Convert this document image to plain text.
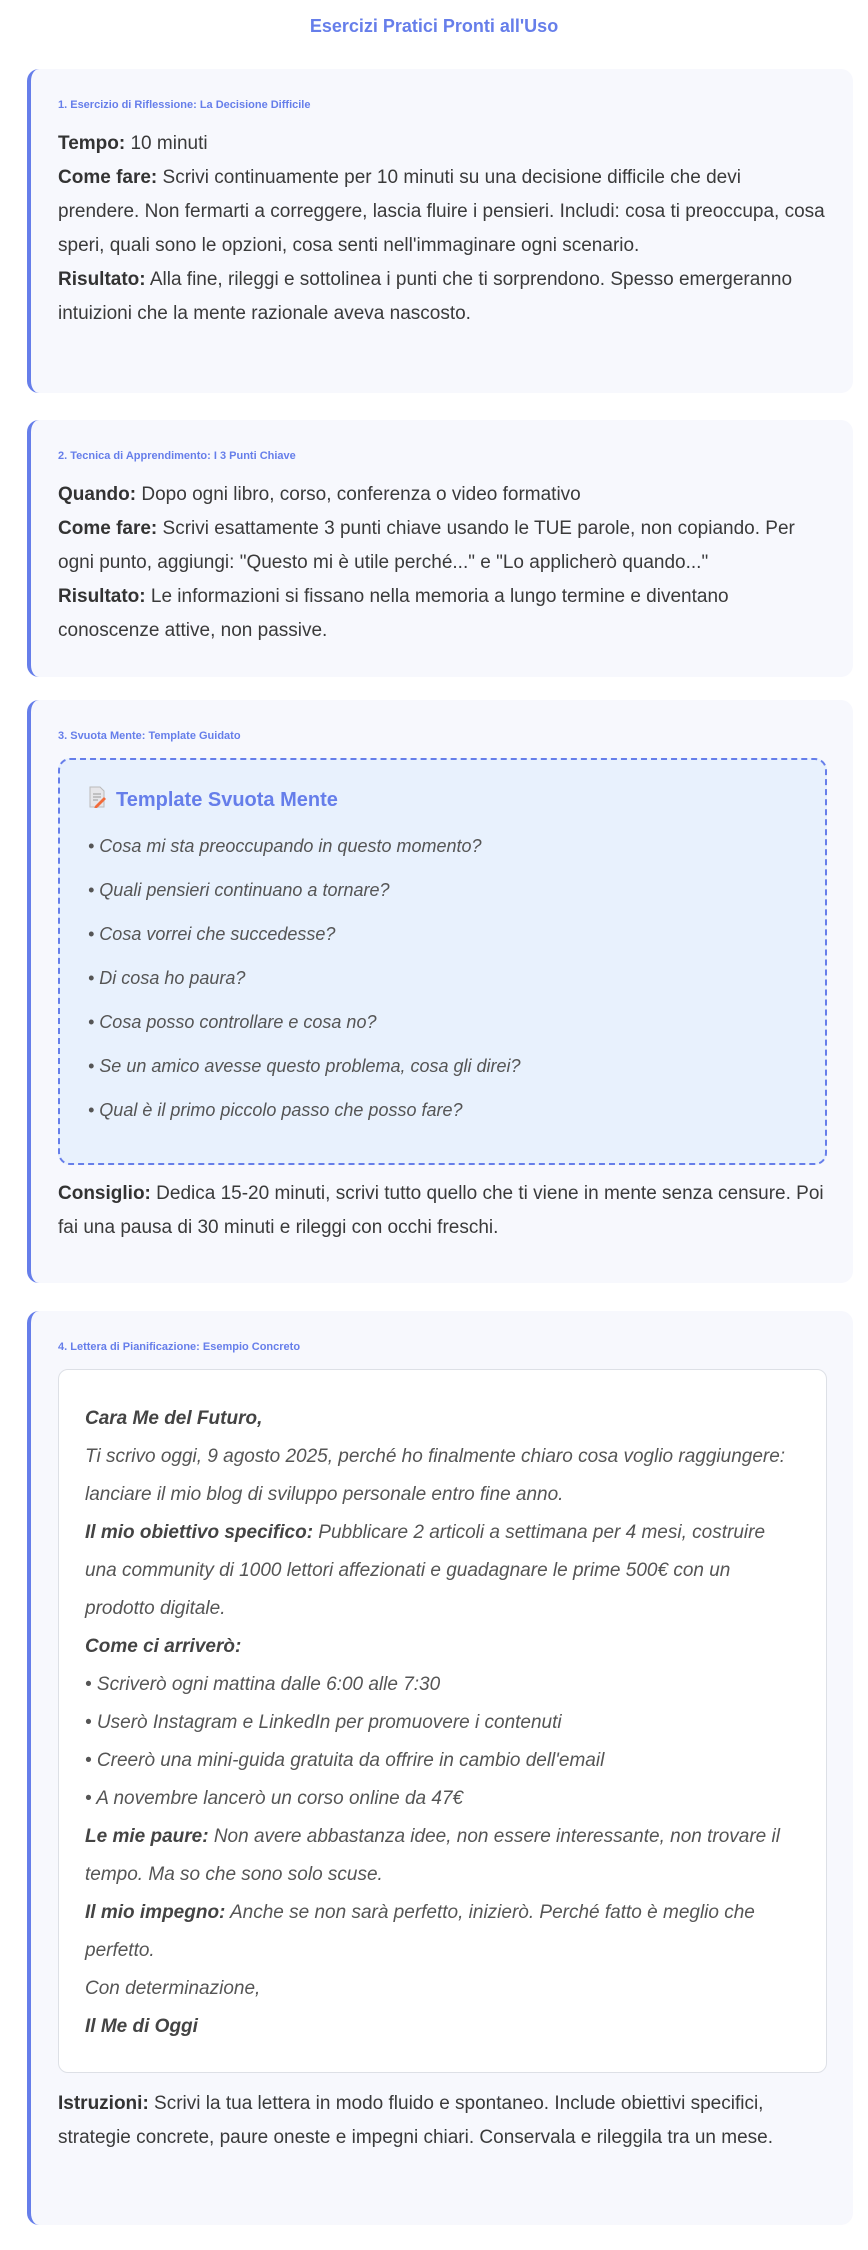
Esercizi Pratici Pronti all'Uso
1. Esercizio di Riflessione: La Decisione Difficile
Tempo: 10 minuti
Come fare: Scrivi continuamente per 10 minuti su una decisione difficile che devi prendere. Non fermarti a correggere, lascia fluire i pensieri. Includi: cosa ti preoccupa, cosa speri, quali sono le opzioni, cosa senti nell'immaginare ogni scenario.
Risultato: Alla fine, rileggi e sottolinea i punti che ti sorprendono. Spesso emergeranno intuizioni che la mente razionale aveva nascosto.
2. Tecnica di Apprendimento: I 3 Punti Chiave
Quando: Dopo ogni libro, corso, conferenza o video formativo
Come fare: Scrivi esattamente 3 punti chiave usando le TUE parole, non copiando. Per ogni punto, aggiungi: "Questo mi è utile perché..." e "Lo applicherò quando..."
Risultato: Le informazioni si fissano nella memoria a lungo termine e diventano conoscenze attive, non passive.
3. Svuota Mente: Template Guidato
Template Svuota Mente
• Cosa mi sta preoccupando in questo momento?
• Quali pensieri continuano a tornare?
• Cosa vorrei che succedesse?
• Di cosa ho paura?
• Cosa posso controllare e cosa no?
• Se un amico avesse questo problema, cosa gli direi?
• Qual è il primo piccolo passo che posso fare?
Consiglio: Dedica 15-20 minuti, scrivi tutto quello che ti viene in mente senza censure. Poi fai una pausa di 30 minuti e rileggi con occhi freschi.
4. Lettera di Pianificazione: Esempio Concreto
Cara Me del Futuro,
Ti scrivo oggi, 9 agosto 2025, perché ho finalmente chiaro cosa voglio raggiungere: lanciare il mio blog di sviluppo personale entro fine anno.
Il mio obiettivo specifico: Pubblicare 2 articoli a settimana per 4 mesi, costruire una community di 1000 lettori affezionati e guadagnare le prime 500€ con un prodotto digitale.
Come ci arriverò:
• Scriverò ogni mattina dalle 6:00 alle 7:30
• Userò Instagram e LinkedIn per promuovere i contenuti
• Creerò una mini-guida gratuita da offrire in cambio dell'email
• A novembre lancerò un corso online da 47€
Le mie paure: Non avere abbastanza idee, non essere interessante, non trovare il tempo. Ma so che sono solo scuse.
Il mio impegno: Anche se non sarà perfetto, inizierò. Perché fatto è meglio che perfetto.
Con determinazione,
Il Me di Oggi
Istruzioni: Scrivi la tua lettera in modo fluido e spontaneo. Include obiettivi specifici, strategie concrete, paure oneste e impegni chiari. Conservala e rileggila tra un mese.
